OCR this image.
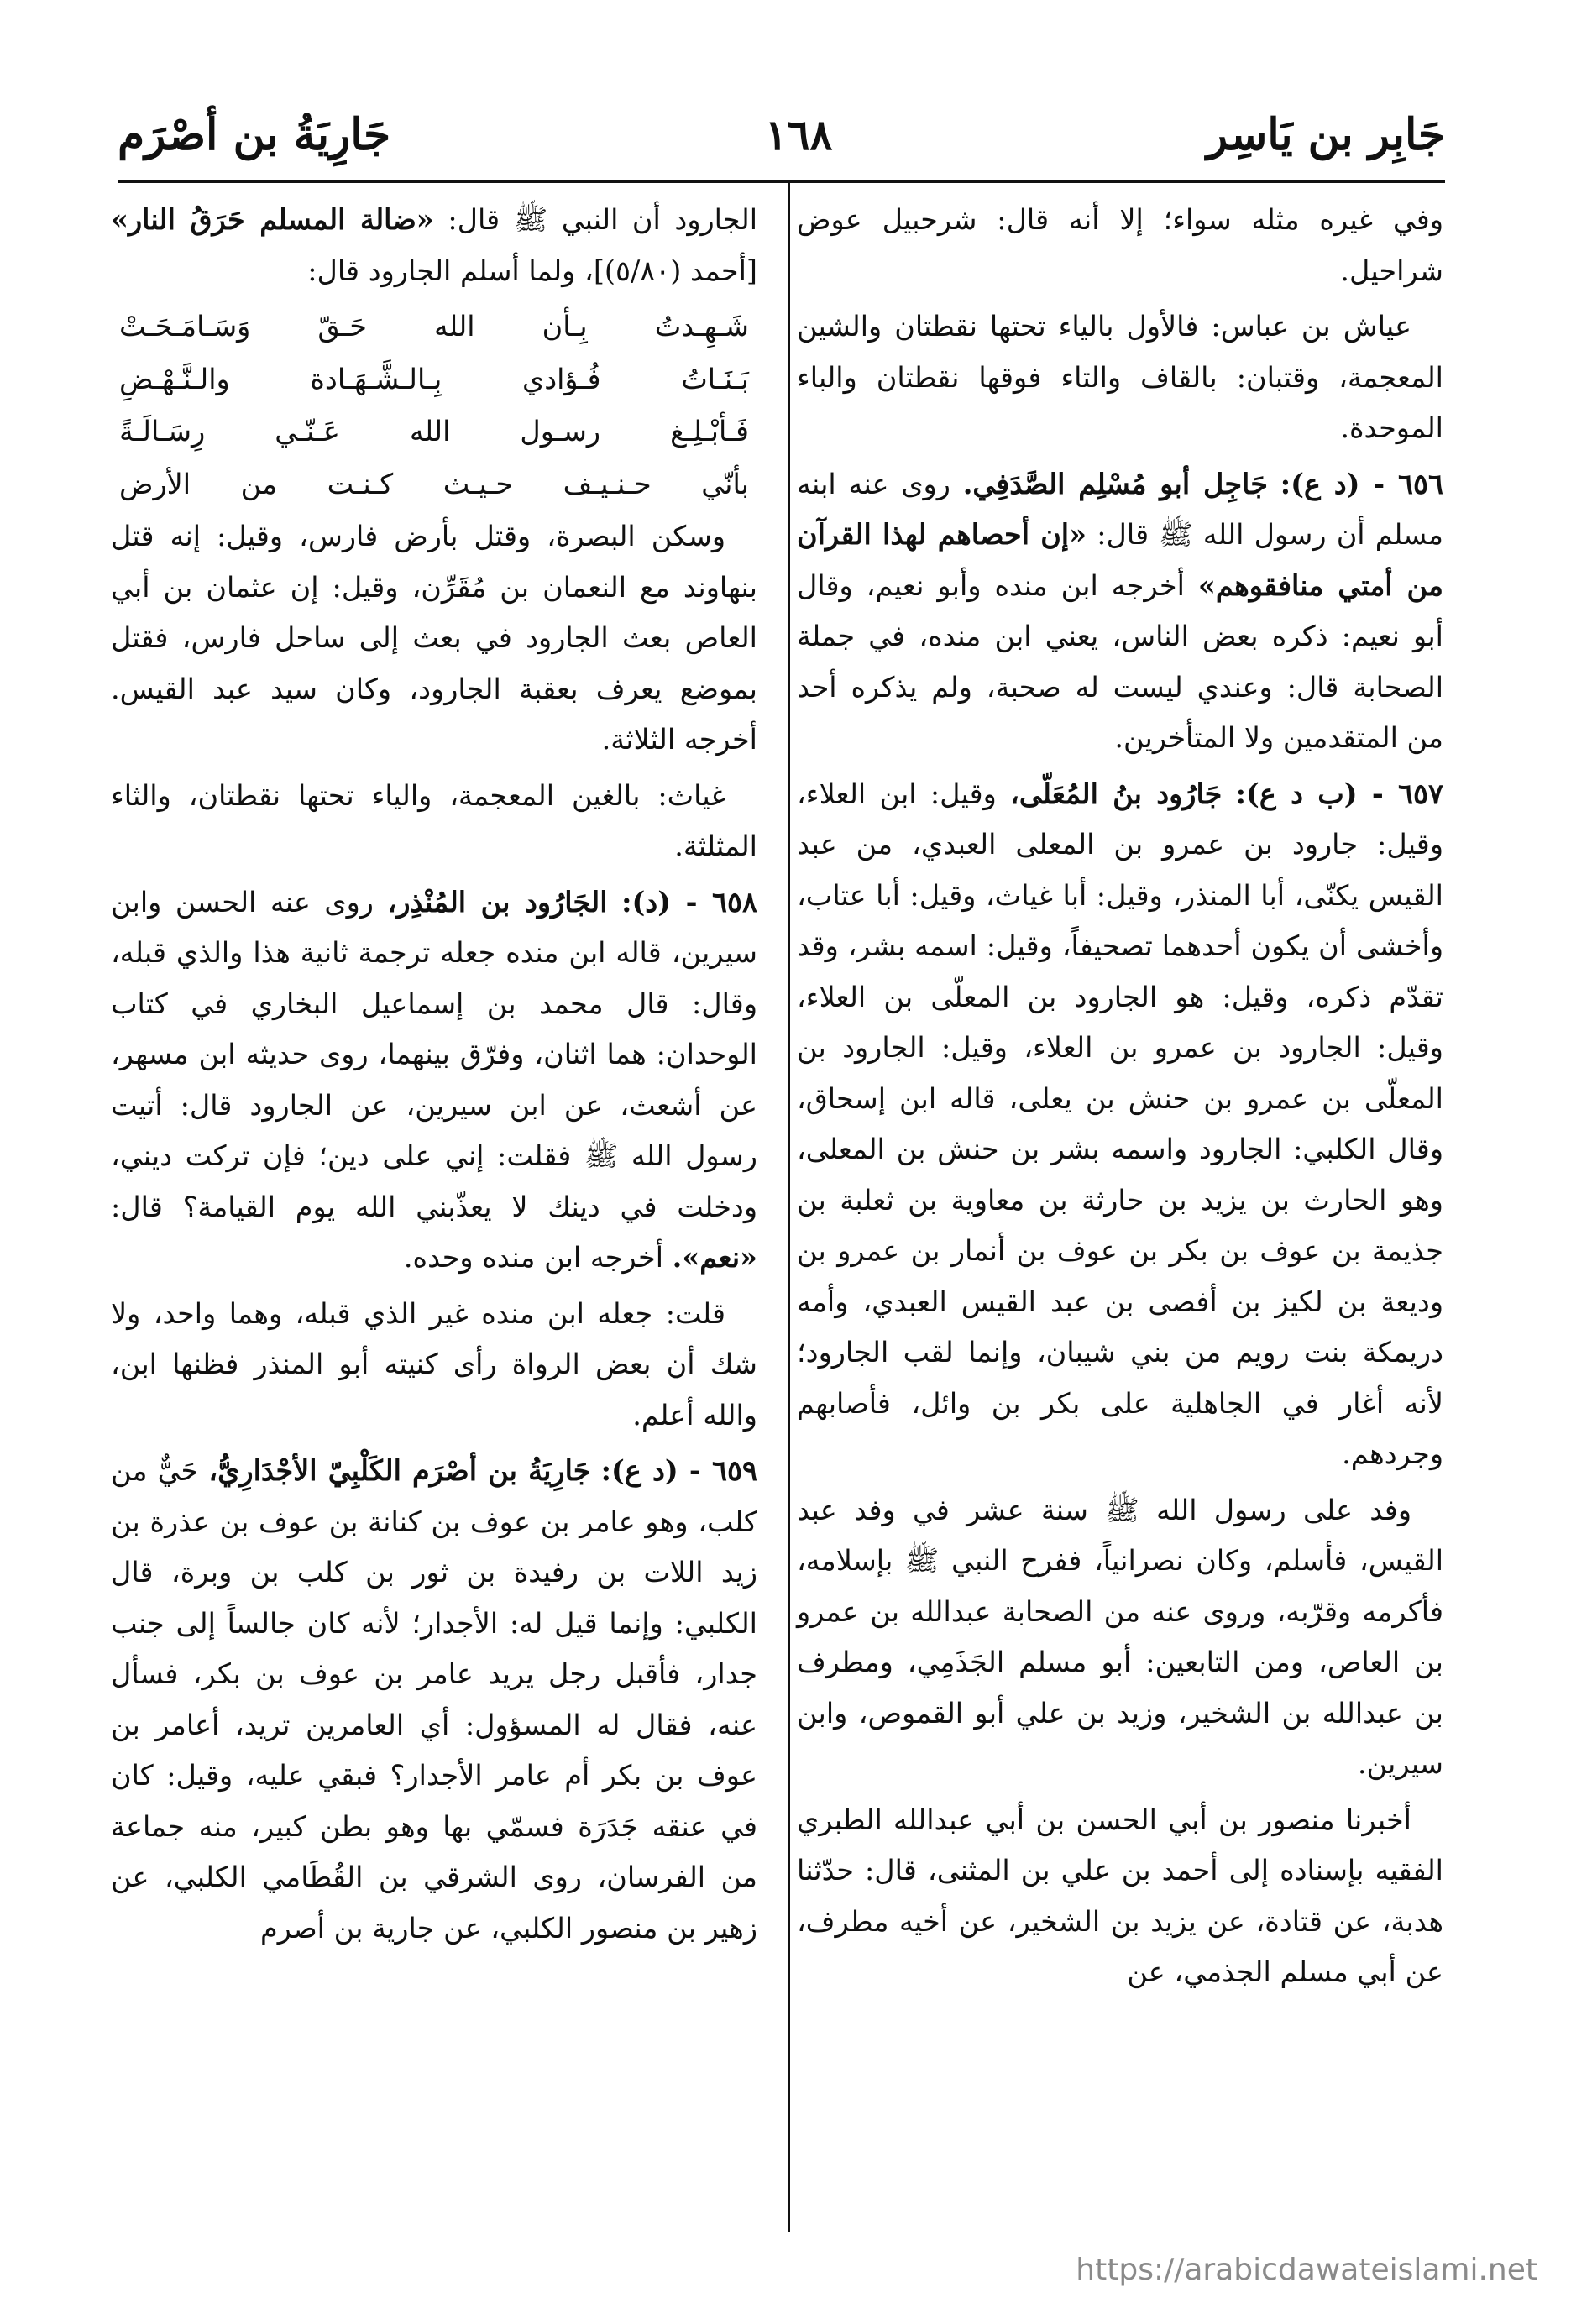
جَابِر بن يَاسِر
١٦٨
جَارِيَةُ بن أصْرَم

وفي غيره مثله سواء؛ إلا أنه قال: شرحبيل عوض شراحيل.

عياش بن عباس: فالأول بالياء تحتها نقطتان والشين المعجمة، وقتبان: بالقاف والتاء فوقها نقطتان والباء الموحدة.

٦٥٦ - (د ع): جَاجِل أبو مُسْلِم الصَّدَفِي. روى عنه ابنه مسلم أن رسول الله ﷺ قال: «إن أحصاهم لهذا القرآن من أمتي منافقوهم» أخرجه ابن منده وأبو نعيم، وقال أبو نعيم: ذكره بعض الناس، يعني ابن منده، في جملة الصحابة قال: وعندي ليست له صحبة، ولم يذكره أحد من المتقدمين ولا المتأخرين.

٦٥٧ - (ب د ع): جَارُود بنُ المُعَلّى، وقيل: ابن العلاء، وقيل: جارود بن عمرو بن المعلى العبدي، من عبد القيس يكنّى، أبا المنذر، وقيل: أبا غياث، وقيل: أبا عتاب، وأخشى أن يكون أحدهما تصحيفاً، وقيل: اسمه بشر، وقد تقدّم ذكره، وقيل: هو الجارود بن المعلّى بن العلاء، وقيل: الجارود بن عمرو بن العلاء، وقيل: الجارود بن المعلّى بن عمرو بن حنش بن يعلى، قاله ابن إسحاق، وقال الكلبي: الجارود واسمه بشر بن حنش بن المعلى، وهو الحارث بن يزيد بن حارثة بن معاوية بن ثعلبة بن جذيمة بن عوف بن بكر بن عوف بن أنمار بن عمرو بن وديعة بن لكيز بن أفصى بن عبد القيس العبدي، وأمه دريمكة بنت رويم من بني شيبان، وإنما لقب الجارود؛ لأنه أغار في الجاهلية على بكر بن وائل، فأصابهم وجردهم.

وفد على رسول الله ﷺ سنة عشر في وفد عبد القيس، فأسلم، وكان نصرانياً، ففرح النبي ﷺ بإسلامه، فأكرمه وقرّبه، وروى عنه من الصحابة عبدالله بن عمرو بن العاص، ومن التابعين: أبو مسلم الجَذَمِي، ومطرف بن عبدالله بن الشخير، وزيد بن علي أبو القموص، وابن سيرين.

أخبرنا منصور بن أبي الحسن بن أبي عبدالله الطبري الفقيه بإسناده إلى أحمد بن علي بن المثنى، قال: حدّثنا هدبة، عن قتادة، عن يزيد بن الشخير، عن أخيه مطرف، عن أبي مسلم الجذمي، عن

الجارود أن النبي ﷺ قال: «ضالة المسلم حَرَقُ النار» [أحمد (٥/٨٠)]، ولما أسلم الجارود قال:

شَـهِـدتُ بِـأن الله حَـقّ وَسَـامَـحَـتْ

بَـنَـاتُ فُـؤادي بِـالـشَّـهَـادة والـنَّـهْـضِ

فَـأبْـلِـغ رسـول الله عَـنّـي رِسَـالَـةً

بأنّي حـنـيـف حـيـث كـنـت من الأرض

وسكن البصرة، وقتل بأرض فارس، وقيل: إنه قتل بنهاوند مع النعمان بن مُقَرِّن، وقيل: إن عثمان بن أبي العاص بعث الجارود في بعث إلى ساحل فارس، فقتل بموضع يعرف بعقبة الجارود، وكان سيد عبد القيس. أخرجه الثلاثة.

غياث: بالغين المعجمة، والياء تحتها نقطتان، والثاء المثلثة.

٦٥٨ - (د): الجَارُود بن المُنْذِر، روى عنه الحسن وابن سيرين، قاله ابن منده جعله ترجمة ثانية هذا والذي قبله، وقال: قال محمد بن إسماعيل البخاري في كتاب الوحدان: هما اثنان، وفرّق بينهما، روى حديثه ابن مسهر، عن أشعث، عن ابن سيرين، عن الجارود قال: أتيت رسول الله ﷺ فقلت: إني على دين؛ فإن تركت ديني، ودخلت في دينك لا يعذّبني الله يوم القيامة؟ قال: «نعم». أخرجه ابن منده وحده.

قلت: جعله ابن منده غير الذي قبله، وهما واحد، ولا شك أن بعض الرواة رأى كنيته أبو المنذر فظنها ابن، والله أعلم.

٦٥٩ - (د ع): جَارِيَةُ بن أصْرَم الكَلْبِيّ الأجْدَارِيُّ، حَيٌّ من كلب، وهو عامر بن عوف بن كنانة بن عوف بن عذرة بن زيد اللات بن رفيدة بن ثور بن كلب بن وبرة، قال الكلبي: وإنما قيل له: الأجدار؛ لأنه كان جالساً إلى جنب جدار، فأقبل رجل يريد عامر بن عوف بن بكر، فسأل عنه، فقال له المسؤول: أي العامرين تريد، أعامر بن عوف بن بكر أم عامر الأجدار؟ فبقي عليه، وقيل: كان في عنقه جَدَرَة فسمّي بها وهو بطن كبير، منه جماعة من الفرسان، روى الشرقي بن القُطَامي الكلبي، عن زهير بن منصور الكلبي، عن جارية بن أصرم

https://arabicdawateislami.net
